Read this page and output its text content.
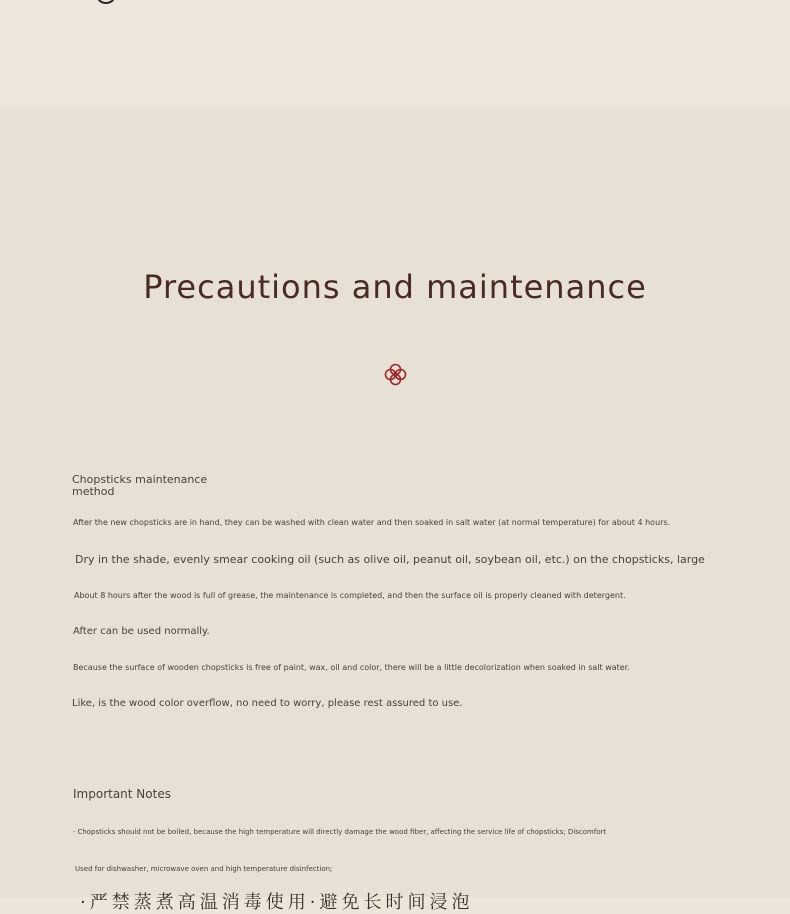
Precautions and maintenance
Chopsticks maintenance
method
After the new chopsticks are in hand, they can be washed with clean water and then soaked in salt water (at normal temperature) for about 4 hours.
Dry in the shade, evenly smear cooking oil (such as olive oil, peanut oil, soybean oil, etc.) on the chopsticks, large
About 8 hours after the wood is full of grease, the maintenance is completed, and then the surface oil is properly cleaned with detergent.
After can be used normally.
Because the surface of wooden chopsticks is free of paint, wax, oil and color, there will be a little decolorization when soaked in salt water.
Like, is the wood color overflow, no need to worry, please rest assured to use.
Important Notes
· Chopsticks should not be boiled, because the high temperature will directly damage the wood fiber, affecting the service life of chopsticks; Discomfort
Used for dishwasher, microwave oven and high temperature disinfection;
·严禁蒸煮高温消毒使用·避免长时间浸泡
